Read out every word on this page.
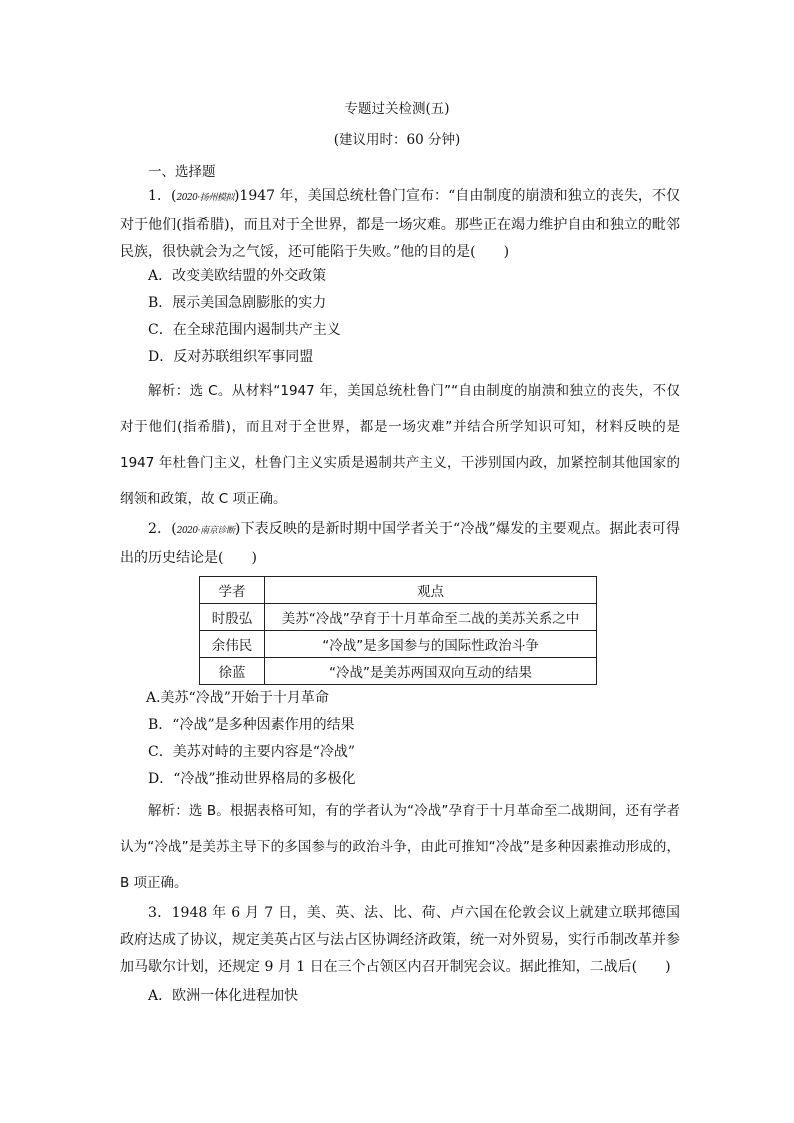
专题过关检测(五)
(建议用时：60 分钟)
一、选择题
1．(2020·扬州模拟)1947 年，美国总统杜鲁门宣布：“自由制度的崩溃和独立的丧失，不仅对于他们(指希腊)，而且对于全世界，都是一场灾难。那些正在竭力维护自由和独立的毗邻民族，很快就会为之气馁，还可能陷于失败。”他的目的是(　　)
A．改变美欧结盟的外交政策
B．展示美国急剧膨胀的实力
C．在全球范围内遏制共产主义
D．反对苏联组织军事同盟
解析：选 C。从材料“1947 年，美国总统杜鲁门”“自由制度的崩溃和独立的丧失，不仅对于他们(指希腊)，而且对于全世界，都是一场灾难”并结合所学知识可知，材料反映的是 1947 年杜鲁门主义，杜鲁门主义实质是遏制共产主义，干涉别国内政，加紧控制其他国家的纲领和政策，故 C 项正确。
2．(2020·南京诊断)下表反映的是新时期中国学者关于“冷战”爆发的主要观点。据此表可得出的历史结论是(　　)
学者	观点
时殷弘	美苏“冷战”孕育于十月革命至二战的美苏关系之中
余伟民	“冷战”是多国参与的国际性政治斗争
徐蓝	“冷战”是美苏两国双向互动的结果
A.美苏“冷战”开始于十月革命
B．“冷战”是多种因素作用的结果
C．美苏对峙的主要内容是“冷战”
D．“冷战”推动世界格局的多极化
解析：选 B。根据表格可知，有的学者认为“冷战”孕育于十月革命至二战期间，还有学者认为“冷战”是美苏主导下的多国参与的政治斗争，由此可推知“冷战”是多种因素推动形成的，B 项正确。
3．1948 年 6 月 7 日，美、英、法、比、荷、卢六国在伦敦会议上就建立联邦德国政府达成了协议，规定美英占区与法占区协调经济政策，统一对外贸易，实行币制改革并参加马歇尔计划，还规定 9 月 1 日在三个占领区内召开制宪会议。据此推知，二战后(　　)
A．欧洲一体化进程加快
